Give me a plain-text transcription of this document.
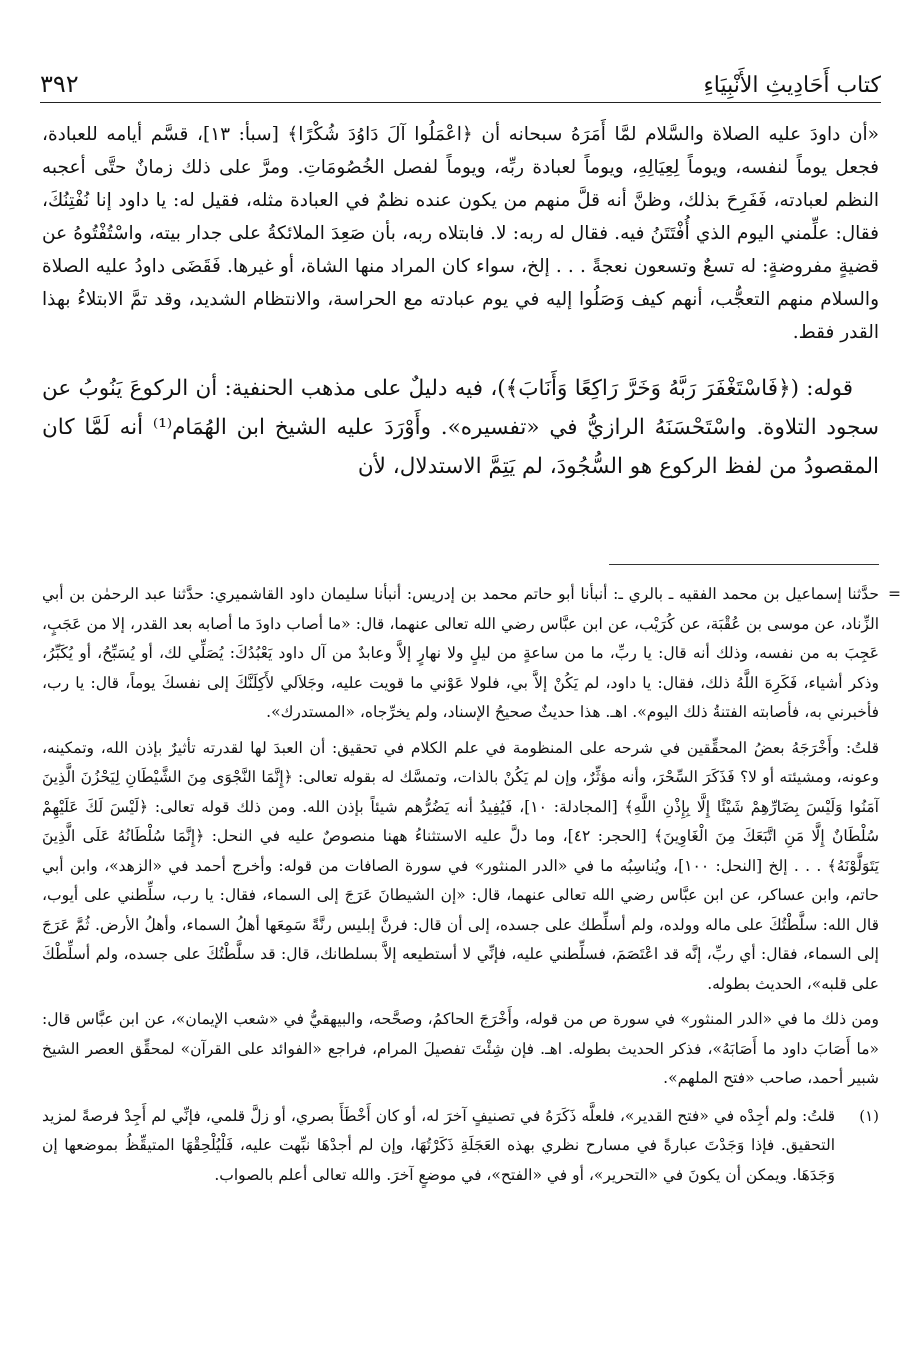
كتاب أَحَادِيثِ الأَنْبِيَاءِ
٣٩٢

«أن داودَ عليه الصلاة والسَّلام لمَّا أَمَرَهُ سبحانه أن ﴿اعْمَلُوا آلَ دَاوُدَ شُكْرًا﴾ [سبأ: ١٣]، قسَّم أيامه للعبادة، فجعل يوماً لنفسه، ويوماً لِعِيَالِهِ، ويوماً لعبادة ربِّه، ويوماً لفصل الخُصُومَاتِ. ومرَّ على ذلك زمانٌ حتَّى أعجبه النظم لعبادته، فَفَرِحَ بذلك، وظنَّ أنه قلَّ منهم من يكون عنده نظمٌ في العبادة مثله، فقيل له: يا داود إنا نُفْتِنُكَ، فقال: علِّمني اليوم الذي أُفْتَتَنُ فيه. فقال له ربه: لا. فابتلاه ربه، بأن صَعِدَ الملائكةُ على جدار بيته، واسْتُفْتُوهُ عن قضيةٍ مفروضةٍ: له تسعٌ وتسعون نعجةً . . . إلخ، سواء كان المراد منها الشاة، أو غيرها. فَقَضَى داودُ عليه الصلاة والسلام منهم التعجُّب، أنهم كيف وَصَلُوا إليه في يوم عبادته مع الحراسة، والانتظام الشديد، وقد تمَّ الابتلاءُ بهذا القدر فقط.

قوله: (﴿فَاسْتَغْفَرَ رَبَّهُ وَخَرَّ رَاكِعًا وَأَنَابَ﴾)، فيه دليلٌ على مذهب الحنفية: أن الركوعَ يَنُوبُ عن سجود التلاوة. واسْتَحْسَنَهُ الرازيُّ في «تفسيره». وأَوْرَدَ عليه الشيخ ابن الهُمَام⁽¹⁾ أنه لَمَّا كان المقصودُ من لفظ الركوع هو السُّجُودَ، لم يَتِمَّ الاستدلال، لأن

=
حدَّثنا إسماعيل بن محمد الفقيه ـ بالري ـ: أنبأنا أبو حاتم محمد بن إدريس: أنبأنا سليمان داود القاشميري: حدَّثنا عبد الرحمٰن بن أبي الزِّناد، عن موسى بن عُقْبَة، عن كُرَيْب، عن ابن عبَّاس رضي الله تعالى عنهما، قال: «ما أصاب داودَ ما أصابه بعد القدر، إلا من عَجَبٍ، عَجِبَ به من نفسه، وذلك أنه قال: يا ربِّ، ما من ساعةٍ من ليلٍ ولا نهارٍ إلاَّ وعابدٌ من آل داود يَعْبُدُكَ: يُصَلِّي لك، أو يُسَبِّحُ، أو يُكَبِّرُ، وذكر أشياء، فَكَرِهَ اللَّهُ ذلك، فقال: يا داود، لم يَكُنْ إلاَّ بي، فلولا عَوْني ما قويت عليه، وجَلاَلي لأَكِلَنَّكَ إلى نفسكَ يوماً، قال: يا رب، فأخبرني به، فأصابته الفتنةُ ذلك اليوم». اهـ. هذا حديثٌ صحيحُ الإسناد، ولم يخرِّجاه، «المستدرك».

قلتُ: وأَخْرَجَهُ بعضُ المحقِّقين في شرحه على المنظومة في علم الكلام في تحقيق: أن العبدَ لها لقدرته تأثيرٌ بإذن الله، وتمكينه، وعونه، ومشيئته أو لا؟ فَذَكَرَ السِّحْرَ، وأنه مؤثِّرٌ، وإن لم يَكُنْ بالذات، وتمسَّك له بقوله تعالى: ﴿إِنَّمَا النَّجْوَى مِنَ الشَّيْطَانِ لِيَحْزُنَ الَّذِينَ آمَنُوا وَلَيْسَ بِضَارِّهِمْ شَيْئًا إِلَّا بِإِذْنِ اللَّهِ﴾ [المجادلة: ١٠]، فَيُفِيدُ أنه يَضُرُّهم شيئاً بإذن الله. ومن ذلك قوله تعالى: ﴿لَيْسَ لَكَ عَلَيْهِمْ سُلْطَانٌ إِلَّا مَنِ اتَّبَعَكَ مِنَ الْغَاوِينَ﴾ [الحجر: ٤٢]، وما دلَّ عليه الاستثناءُ ههنا منصوصٌ عليه في النحل: ﴿إِنَّمَا سُلْطَانُهُ عَلَى الَّذِينَ يَتَوَلَّوْنَهُ﴾ . . . إلخ [النحل: ١٠٠]، ويُناسِبُه ما في «الدر المنثور» في سورة الصافات من قوله: وأخرج أحمد في «الزهد»، وابن أبي حاتم، وابن عساكر، عن ابن عبَّاس رضي الله تعالى عنهما، قال: «إن الشيطانَ عَرَجَ إلى السماء، فقال: يا رب، سلِّطني على أيوب، قال الله: سلَّطْتُكَ على ماله وولده، ولم أسلِّطك على جسده، إلى أن قال: فرنَّ إبليس رنَّةً سَمِعَها أهلُ السماء، وأهلُ الأرض. ثُمَّ عَرَجَ إلى السماء، فقال: أي ربِّ، إنَّه قد اعْتَصَمَ، فسلِّطني عليه، فإنِّي لا أستطيعه إلاَّ بسلطانك، قال: قد سلَّطْتُكَ على جسده، ولم أسلِّطْكَ على قلبه»، الحديث بطوله.

ومن ذلك ما في «الدر المنثور» في سورة ص من قوله، وأَخْرَجَ الحاكمُ، وصحَّحه، والبيهقيُّ في «شعب الإيمان»، عن ابن عبَّاس قال: «ما أَصَابَ داود ما أَصَابَهُ»، فذكر الحديث بطوله. اهـ. فإن شِئْتَ تفصيلَ المرام، فراجع «الفوائد على القرآن» لمحقِّق العصر الشيخ شبير أحمد، صاحب «فتح الملهم».

(١)

قلتُ: ولم أجِدْه في «فتح القدير»، فلعلَّه ذَكَرَهُ في تصنيفٍ آخرَ له، أو كان أَخْطَأَ بصري، أو زلَّ قلمي، فإنِّي لم أَجِدْ فرصةً لمزيد التحقيق. فإذا وَجَدْتَ عبارةً في مسارح نظري بهذه العَجَلَةِ ذَكَرْتُهَا، وإن لم أجدْهَا نبِّهت عليه، فَلْيُلْحِقْهَا المتيقِّظُ بموضعها إن وَجَدَهَا. ويمكن أن يكونَ في «التحرير»، أو في «الفتح»، في موضعٍ آخرَ. والله تعالى أعلم بالصواب.
